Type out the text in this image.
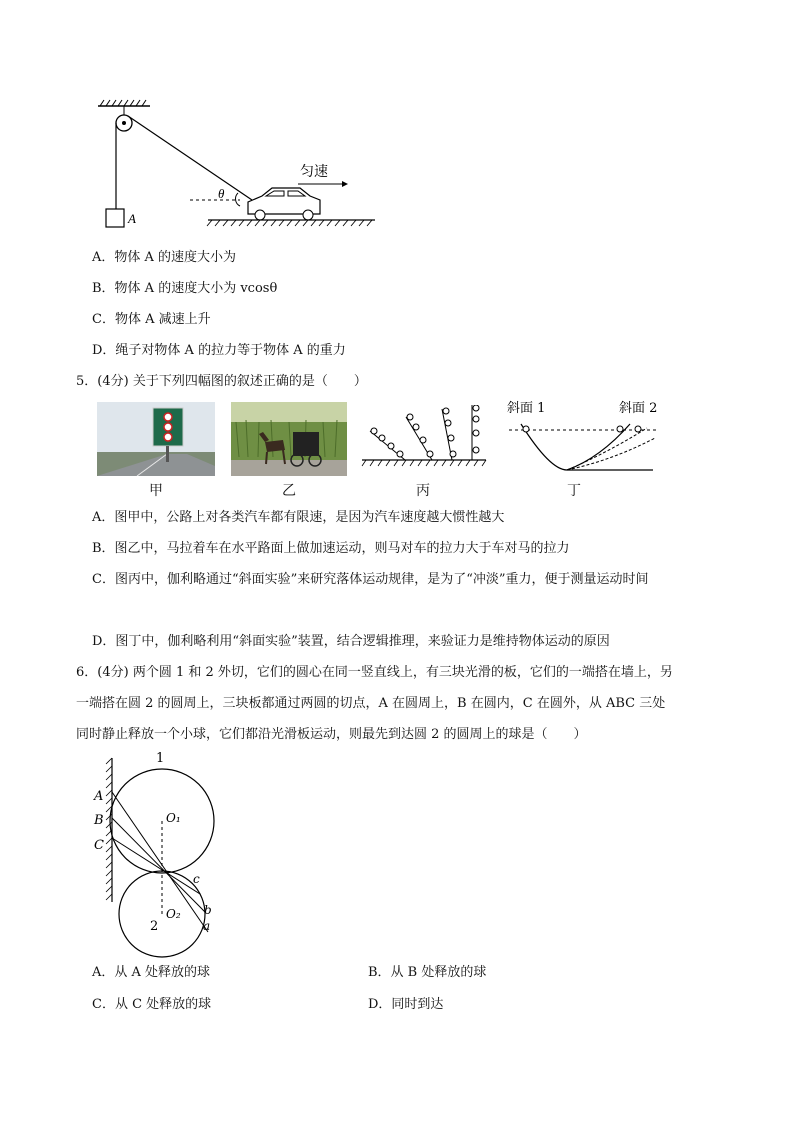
A
θ
匀速
A．物体 A 的速度大小为
B．物体 A 的速度大小为 vcosθ
C．物体 A 减速上升
D．绳子对物体 A 的拉力等于物体 A 的重力
5．(4分) 关于下列四幅图的叙述正确的是（　　）
斜面 1	斜面 2
甲	乙	丙	丁
A．图甲中，公路上对各类汽车都有限速，是因为汽车速度越大惯性越大
B．图乙中，马拉着车在水平路面上做加速运动，则马对车的拉力大于车对马的拉力
C．图丙中，伽利略通过“斜面实验”来研究落体运动规律，是为了“冲淡”重力，便于测量运动时间
D．图丁中，伽利略利用“斜面实验”装置，结合逻辑推理，来验证力是维持物体运动的原因
6．(4分) 两个圆 1 和 2 外切，它们的圆心在同一竖直线上，有三块光滑的板，它们的一端搭在墙上，另
一端搭在圆 2 的圆周上，三块板都通过两圆的切点，A 在圆周上，B 在圆内，C 在圆外，从 ABC 三处
同时静止释放一个小球，它们都沿光滑板运动，则最先到达圆 2 的圆周上的球是（　　）
1
2
O₁
O₂
A
B
C
c
b
a
A．从 A 处释放的球	B．从 B 处释放的球
C．从 C 处释放的球	D．同时到达
